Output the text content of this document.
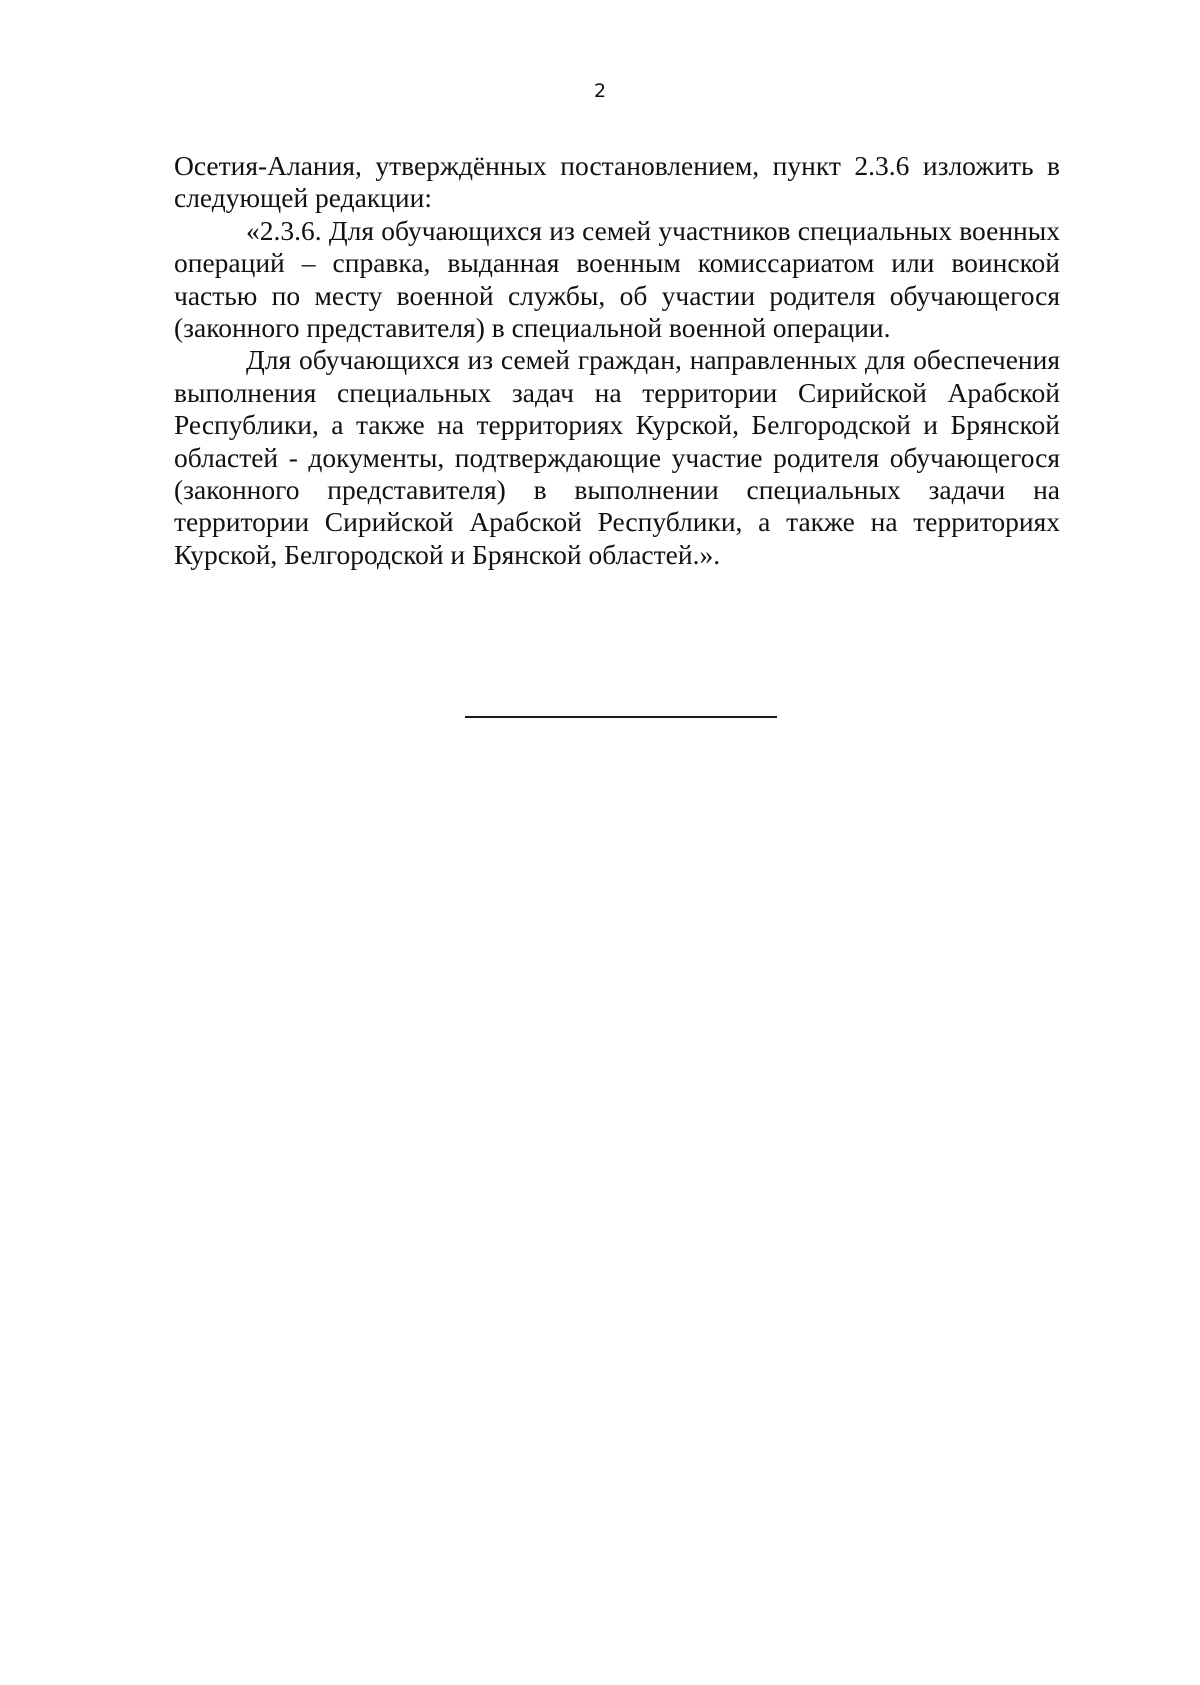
2

Осетия-Алания, утверждённых постановлением, пункт 2.3.6 изложить в следующей редакции:

«2.3.6. Для обучающихся из семей участников специальных военных операций – справка, выданная военным комиссариатом или воинской частью по месту военной службы, об участии родителя обучающегося (законного представителя) в специальной военной операции.

Для обучающихся из семей граждан, направленных для обеспечения выполнения специальных задач на территории Сирийской Арабской Республики, а также на территориях Курской, Белгородской и Брянской областей - документы, подтверждающие участие родителя обучающегося (законного представителя) в выполнении специальных задачи на территории Сирийской Арабской Республики, а также на территориях Курской, Белгородской и Брянской областей.».
